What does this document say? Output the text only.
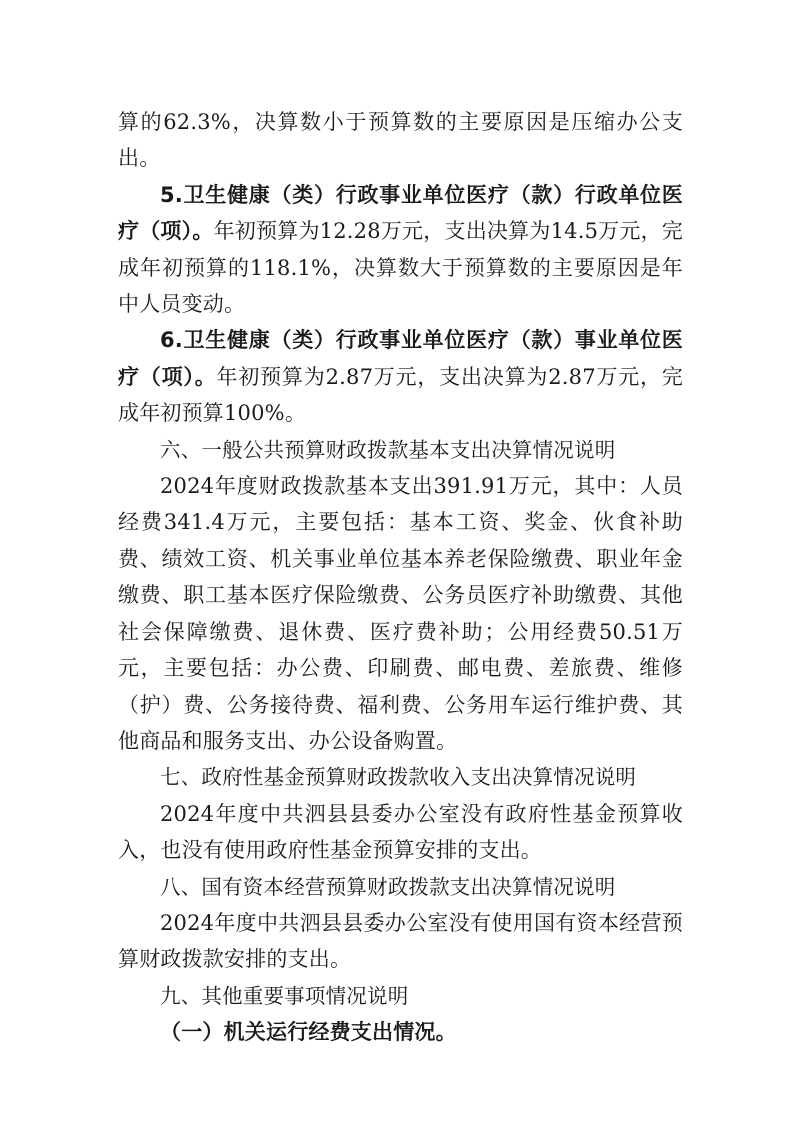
算的62.3%，决算数小于预算数的主要原因是压缩办公支出。

5.卫生健康（类）行政事业单位医疗（款）行政单位医疗（项）。年初预算为12.28万元，支出决算为14.5万元，完成年初预算的118.1%，决算数大于预算数的主要原因是年中人员变动。

6.卫生健康（类）行政事业单位医疗（款）事业单位医疗（项）。年初预算为2.87万元，支出决算为2.87万元，完成年初预算100%。

六、一般公共预算财政拨款基本支出决算情况说明

2024年度财政拨款基本支出391.91万元，其中：人员经费341.4万元，主要包括：基本工资、奖金、伙食补助费、绩效工资、机关事业单位基本养老保险缴费、职业年金缴费、职工基本医疗保险缴费、公务员医疗补助缴费、其他社会保障缴费、退休费、医疗费补助；公用经费50.51万元，主要包括：办公费、印刷费、邮电费、差旅费、维修（护）费、公务接待费、福利费、公务用车运行维护费、其他商品和服务支出、办公设备购置。

七、政府性基金预算财政拨款收入支出决算情况说明

2024年度中共泗县县委办公室没有政府性基金预算收入，也没有使用政府性基金预算安排的支出。

八、国有资本经营预算财政拨款支出决算情况说明

2024年度中共泗县县委办公室没有使用国有资本经营预算财政拨款安排的支出。

九、其他重要事项情况说明

（一）机关运行经费支出情况。
